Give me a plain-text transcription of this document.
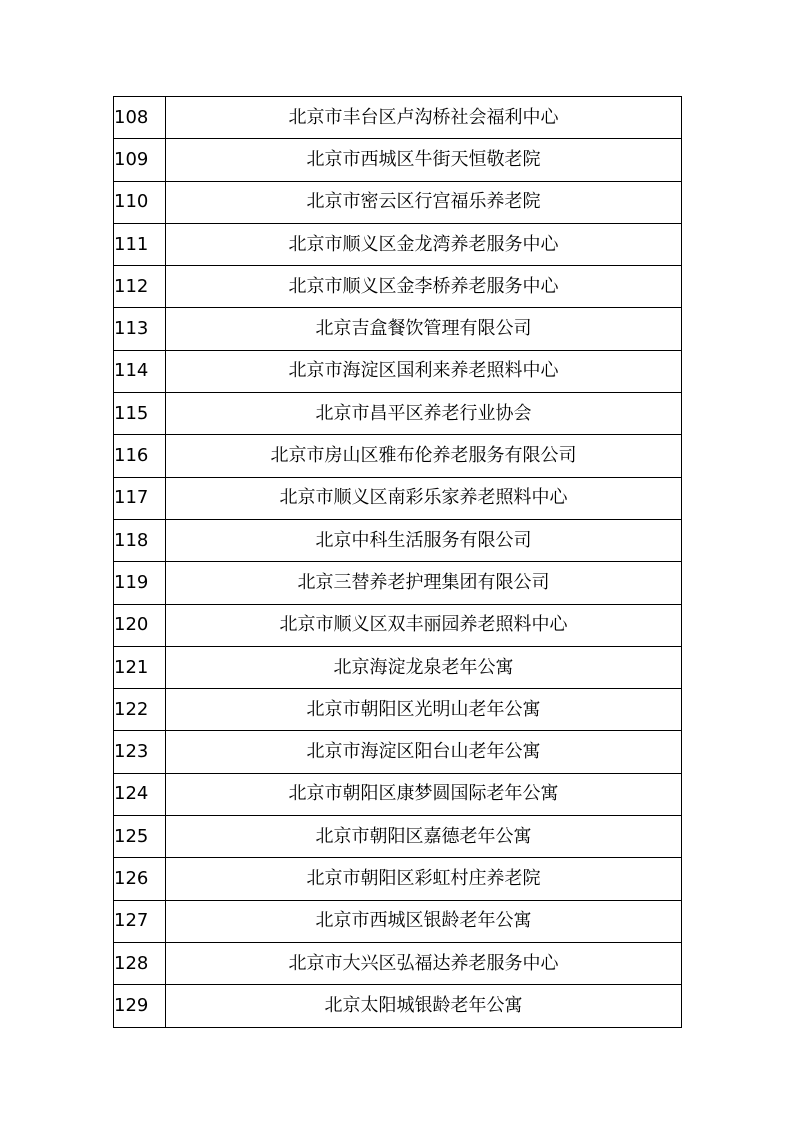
108	北京市丰台区卢沟桥社会福利中心
109	北京市西城区牛街天恒敬老院
110	北京市密云区行宫福乐养老院
111	北京市顺义区金龙湾养老服务中心
112	北京市顺义区金李桥养老服务中心
113	北京吉盒餐饮管理有限公司
114	北京市海淀区国利来养老照料中心
115	北京市昌平区养老行业协会
116	北京市房山区雅布伦养老服务有限公司
117	北京市顺义区南彩乐家养老照料中心
118	北京中科生活服务有限公司
119	北京三替养老护理集团有限公司
120	北京市顺义区双丰丽园养老照料中心
121	北京海淀龙泉老年公寓
122	北京市朝阳区光明山老年公寓
123	北京市海淀区阳台山老年公寓
124	北京市朝阳区康梦圆国际老年公寓
125	北京市朝阳区嘉德老年公寓
126	北京市朝阳区彩虹村庄养老院
127	北京市西城区银龄老年公寓
128	北京市大兴区弘福达养老服务中心
129	北京太阳城银龄老年公寓
